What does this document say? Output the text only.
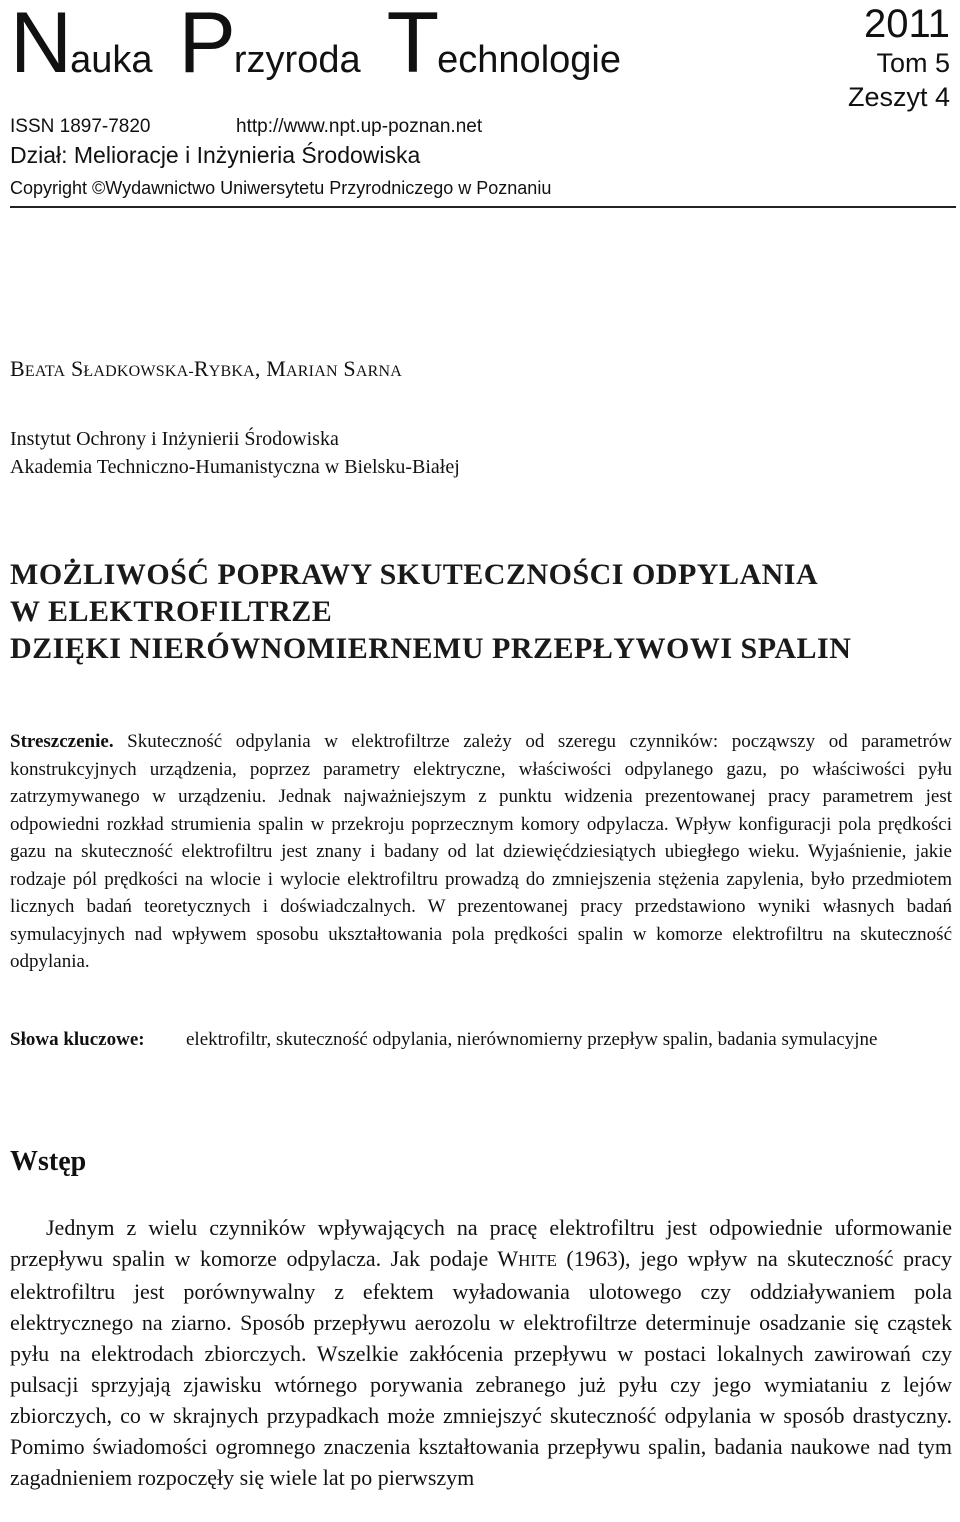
Nauka Przyroda Technologie
2011
Tom 5
Zeszyt 4
ISSN 1897-7820	http://www.npt.up-poznan.net
Dział: Melioracje i Inżynieria Środowiska
Copyright ©Wydawnictwo Uniwersytetu Przyrodniczego w Poznaniu
BEATA SŁADKOWSKA-RYBKA, MARIAN SARNA
Instytut Ochrony i Inżynierii Środowiska
Akademia Techniczno-Humanistyczna w Bielsku-Białej
MOŻLIWOŚĆ POPRAWY SKUTECZNOŚCI ODPYLANIA
W ELEKTROFILTRZE
DZIĘKI NIERÓWNOMIERNEMU PRZEPŁYWOWI SPALIN
Streszczenie. Skuteczność odpylania w elektrofiltrze zależy od szeregu czynników: począwszy od parametrów konstrukcyjnych urządzenia, poprzez parametry elektryczne, właściwości odpylanego gazu, po właściwości pyłu zatrzymywanego w urządzeniu. Jednak najważniejszym z punktu widzenia prezentowanej pracy parametrem jest odpowiedni rozkład strumienia spalin w przekroju poprzecznym komory odpylacza. Wpływ konfiguracji pola prędkości gazu na skuteczność elektrofiltru jest znany i badany od lat dziewięćdziesiątych ubiegłego wieku. Wyjaśnienie, jakie rodzaje pól prędkości na wlocie i wylocie elektrofiltru prowadzą do zmniejszenia stężenia zapylenia, było przedmiotem licznych badań teoretycznych i doświadczalnych. W prezentowanej pracy przedstawiono wyniki własnych badań symulacyjnych nad wpływem sposobu ukształtowania pola prędkości spalin w komorze elektrofiltru na skuteczność odpylania.
Słowa kluczowe: elektrofiltr, skuteczność odpylania, nierównomierny przepływ spalin, badania symulacyjne
Wstęp
Jednym z wielu czynników wpływających na pracę elektrofiltru jest odpowiednie uformowanie przepływu spalin w komorze odpylacza. Jak podaje WHITE (1963), jego wpływ na skuteczność pracy elektrofiltru jest porównywalny z efektem wyładowania ulotowego czy oddziaływaniem pola elektrycznego na ziarno. Sposób przepływu aerozolu w elektrofiltrze determinuje osadzanie się cząstek pyłu na elektrodach zbiorczych. Wszelkie zakłócenia przepływu w postaci lokalnych zawirowań czy pulsacji sprzyjają zjawisku wtórnego porywania zebranego już pyłu czy jego wymiataniu z lejów zbiorczych, co w skrajnych przypadkach może zmniejszyć skuteczność odpylania w sposób drastyczny. Pomimo świadomości ogromnego znaczenia kształtowania przepływu spalin, badania naukowe nad tym zagadnieniem rozpoczęły się wiele lat po pierwszym
